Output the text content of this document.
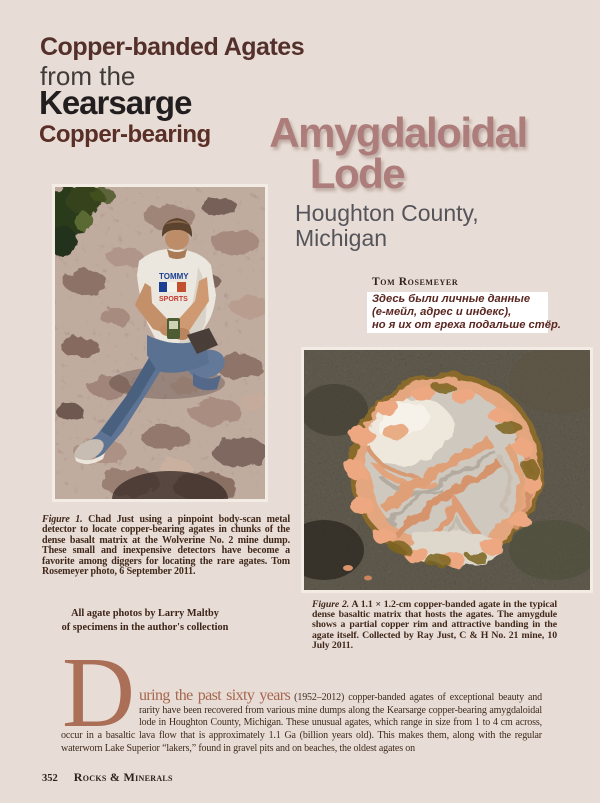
Copper-banded Agates
from the
Kearsarge
Copper-bearing	Amygdaloidal
Lode
Houghton County,
Michigan
TOMMY
SPORTS
Figure 1. Chad Just using a pinpoint body-scan metal detector to locate copper-bearing agates in chunks of the dense basalt matrix at the Wolverine No. 2 mine dump. These small and inexpensive detectors have become a favorite among diggers for locating the rare agates. Tom Rosemeyer photo, 6 September 2011.
All agate photos by Larry Maltby
of specimens in the author's collection
Tom Rosemeyer
Здесь были личные данные
(е-мейл, адрес и индекс),
но я их от греха подальше стёр.
Figure 2. A 1.1 × 1.2-cm copper-banded agate in the typical dense basaltic matrix that hosts the agates. The amygdule shows a partial copper rim and attractive banding in the agate itself. Collected by Ray Just, C & H No. 21 mine, 10 July 2011.
D uring the past sixty years (1952–2012) copper-banded agates of exceptional beauty and rarity have been recovered from various mine dumps along the Kearsarge copper-bearing amygdaloidal lode in Houghton County, Michigan. These unusual agates, which range in size from 1 to 4 cm across, occur in a basaltic lava flow that is approximately 1.1 Ga (billion years old). This makes them, along with the regular waterworn Lake Superior “lakers,” found in gravel pits and on beaches, the oldest agates on

352 Rocks & Minerals
